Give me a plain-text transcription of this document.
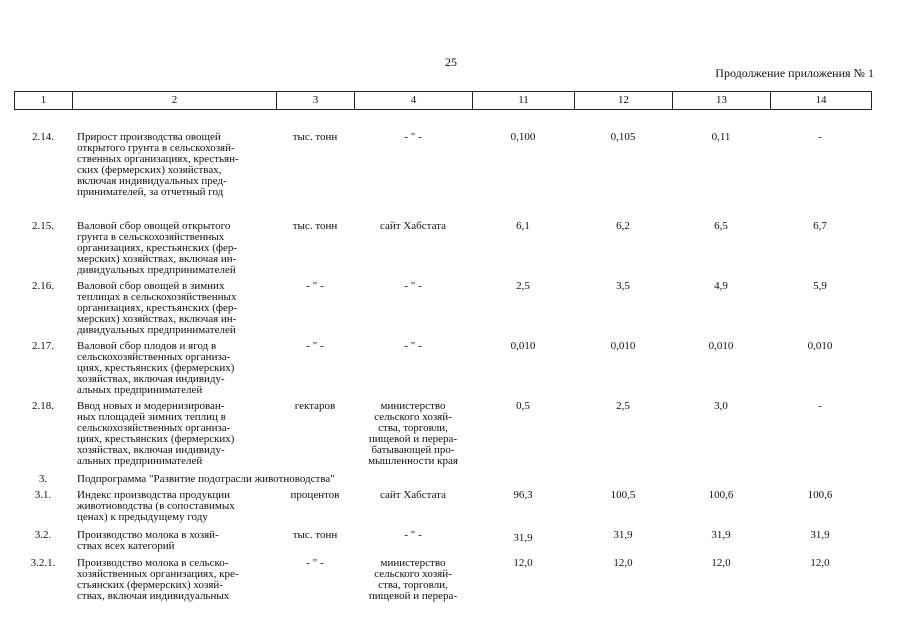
25
Продолжение приложения № 1
1	2	3	4	11	12	13	14
2.14.	Прирост производства овощей
открытого грунта в сельскохозяй-
ственных организациях, крестьян-
ских (фермерских) хозяйствах,
включая индивидуальных пред-
принимателей, за отчетный год
тыс. тонн	- " -	0,100	0,105	0,11	-
2.15.	Валовой сбор овощей открытого
грунта в сельскохозяйственных
организациях, крестьянских (фер-
мерских) хозяйствах, включая ин-
дивидуальных предпринимателей
тыс. тонн	сайт Хабстата	6,1	6,2	6,5	6,7
2.16.	Валовой сбор овощей в зимних
теплицах в сельскохозяйственных
организациях, крестьянских (фер-
мерских) хозяйствах, включая ин-
дивидуальных предпринимателей
- " -	- " -	2,5	3,5	4,9	5,9
2.17.	Валовой сбор плодов и ягод в
сельскохозяйственных организа-
циях, крестьянских (фермерских)
хозяйствах, включая индивиду-
альных предпринимателей
- " -	- " -	0,010	0,010	0,010	0,010
2.18.	Ввод новых и модернизирован-
ных площадей зимних теплиц в
сельскохозяйственных организа-
циях, крестьянских (фермерских)
хозяйствах, включая индивиду-
альных предпринимателей
гектаров	министерство
сельского хозяй-
ства, торговли,
пищевой и перера-
батывающей про-
мышленности края
0,5	2,5	3,0	-
3.	Подпрограмма "Развитие подотрасли животноводства"
3.1.	Индекс производства продукции
животноводства (в сопоставимых
ценах) к предыдущему году
процентов	сайт Хабстата	96,3	100,5	100,6	100,6
3.2.	Производство молока в хозяй-
ствах всех категорий
тыс. тонн	- " -	31,9	31,9	31,9	31,9
3.2.1.	Производство молока в сельско-
хозяйственных организациях, кре-
стьянских (фермерских) хозяй-
ствах, включая индивидуальных
- " -	министерство
сельского хозяй-
ства, торговли,
пищевой и перера-
12,0	12,0	12,0	12,0
